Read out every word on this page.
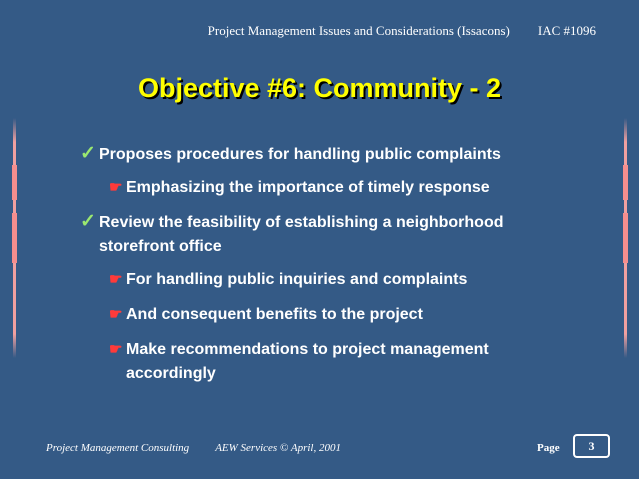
Project Management Issues and Considerations (Issacons) IAC #1096
Objective #6: Community - 2
✓ Proposes procedures for handling public complaints
☛ Emphasizing the importance of timely response
✓ Review the feasibility of establishing a neighborhood
storefront office
☛ For handling public inquiries and complaints
☛ And consequent benefits to the project
☛ Make recommendations to project management
accordingly
Project Management Consulting AEW Services © April, 2001	Page	3
